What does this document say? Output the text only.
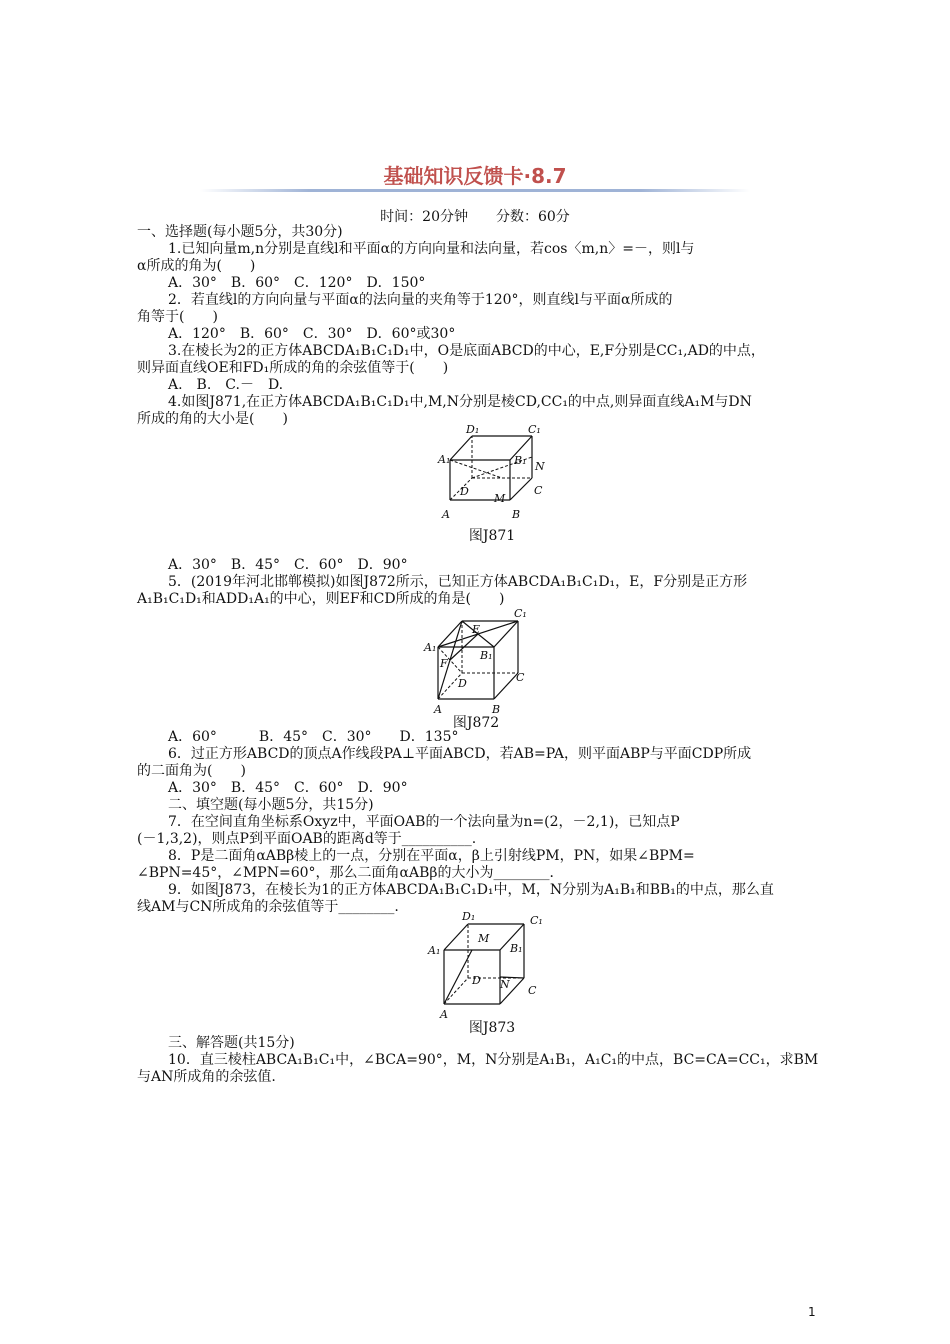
基础知识反馈卡·8.7
时间：20分钟　　分数：60分
一、选择题(每小题5分，共30分)
1.已知向量m,n分别是直线l和平面α的方向向量和法向量，若cos〈m,n〉=－，则l与
α所成的角为(　　)
A．30°　B．60°　C．120°　D．150°
2．若直线l的方向向量与平面α的法向量的夹角等于120°，则直线l与平面α所成的
角等于(　　)
A．120°　B．60°　C．30°　D．60°或30°
3.在棱长为2的正方体ABCDA₁B₁C₁D₁中，O是底面ABCD的中心，E,F分别是CC₁,AD的中点，
则异面直线OE和FD₁所成的角的余弦值等于(　　)
A.　B.　C.－　D.
4.如图J871,在正方体ABCDA₁B₁C₁D₁中,M,N分别是棱CD,CC₁的中点,则异面直线A₁M与DN
所成的角的大小是(　　)
D₁	C₁
A₁	B₁ N
D
M
C
A	B
图J871
A．30°　B．45°　C．60°　D．90°
5．(2019年河北邯郸模拟)如图J872所示，已知正方体ABCDA₁B₁C₁D₁，E，F分别是正方形
A₁B₁C₁D₁和ADD₁A₁的中心，则EF和CD所成的角是(　　)
C₁
E
A₁
B₁
F
D	C
A	B
图J872
A．60°　　　B．45°　C．30°　　D．135°
6．过正方形ABCD的顶点A作线段PA⊥平面ABCD，若AB=PA，则平面ABP与平面CDP所成
的二面角为(　　)
A．30°　B．45°　C．60°　D．90°
二、填空题(每小题5分，共15分)
7．在空间直角坐标系Oxyz中，平面OAB的一个法向量为n=(2，－2,1)，已知点P
(－1,3,2)，则点P到平面OAB的距离d等于__________.
8．P是二面角αABβ棱上的一点，分别在平面α，β上引射线PM，PN，如果∠BPM=
∠BPN=45°，∠MPN=60°，那么二面角αABβ的大小为________．
9．如图J873，在棱长为1的正方体ABCDA₁B₁C₁D₁中，M，N分别为A₁B₁和BB₁的中点，那么直
线AM与CN所成角的余弦值等于________.
D₁	C₁
M
A₁	B₁
D N C
A
图J873
三、解答题(共15分)
10．直三棱柱ABCA₁B₁C₁中，∠BCA=90°，M，N分别是A₁B₁，A₁C₁的中点，BC=CA=CC₁，求BM
与AN所成角的余弦值.
1
